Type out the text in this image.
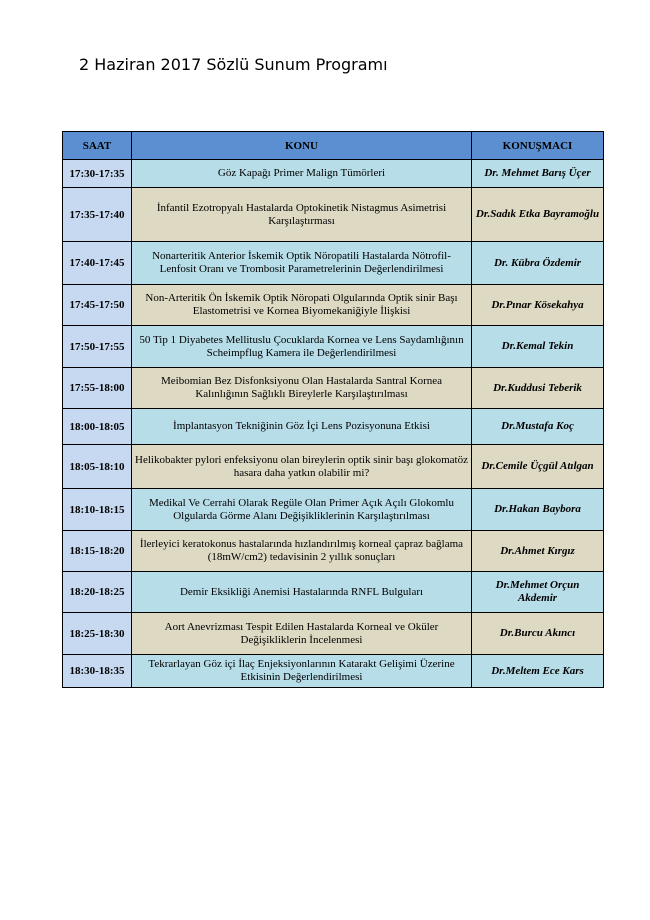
2 Haziran 2017 Sözlü Sunum Programı
SAAT	KONU	KONUŞMACI
17:30-17:35	Göz Kapağı Primer Malign Tümörleri	Dr. Mehmet Barış Üçer
17:35-17:40	İnfantil Ezotropyalı Hastalarda Optokinetik Nistagmus Asimetrisi Karşılaştırması	Dr.Sadık Etka Bayramoğlu
17:40-17:45	Nonarteritik Anterior İskemik Optik Nöropatili Hastalarda Nötrofil-Lenfosit Oranı ve Trombosit Parametrelerinin Değerlendirilmesi	Dr. Kübra Özdemir
17:45-17:50	Non-Arteritik Ön İskemik Optik Nöropati Olgularında Optik sinir Başı Elastometrisi ve Kornea Biyomekaniğiyle İlişkisi	Dr.Pınar Kösekahya
17:50-17:55	50 Tip 1 Diyabetes Mellituslu Çocuklarda Kornea ve Lens Saydamlığının Scheimpflug Kamera ile Değerlendirilmesi	Dr.Kemal Tekin
17:55-18:00	Meibomian Bez Disfonksiyonu Olan Hastalarda Santral Kornea Kalınlığının Sağlıklı Bireylerle Karşılaştırılması	Dr.Kuddusi Teberik
18:00-18:05	İmplantasyon Tekniğinin Göz İçi Lens Pozisyonuna Etkisi	Dr.Mustafa Koç
18:05-18:10	Helikobakter pylori enfeksiyonu olan bireylerin optik sinir başı glokomatöz hasara daha yatkın olabilir mi?	Dr.Cemile Üçgül Atılgan
18:10-18:15	Medikal Ve Cerrahi Olarak Regüle Olan Primer Açık Açılı Glokomlu Olgularda Görme Alanı Değişikliklerinin Karşılaştırılması	Dr.Hakan Baybora
18:15-18:20	İlerleyici keratokonus hastalarında hızlandırılmış korneal çapraz bağlama (18mW/cm2) tedavisinin 2 yıllık sonuçları	Dr.Ahmet Kırgız
18:20-18:25	Demir Eksikliği Anemisi Hastalarında RNFL Bulguları	Dr.Mehmet Orçun Akdemir
18:25-18:30	Aort Anevrizması Tespit Edilen Hastalarda Korneal ve Oküler Değişikliklerin İncelenmesi	Dr.Burcu Akıncı
18:30-18:35	Tekrarlayan Göz içi İlaç Enjeksiyonlarının Katarakt Gelişimi Üzerine Etkisinin Değerlendirilmesi	Dr.Meltem Ece Kars
